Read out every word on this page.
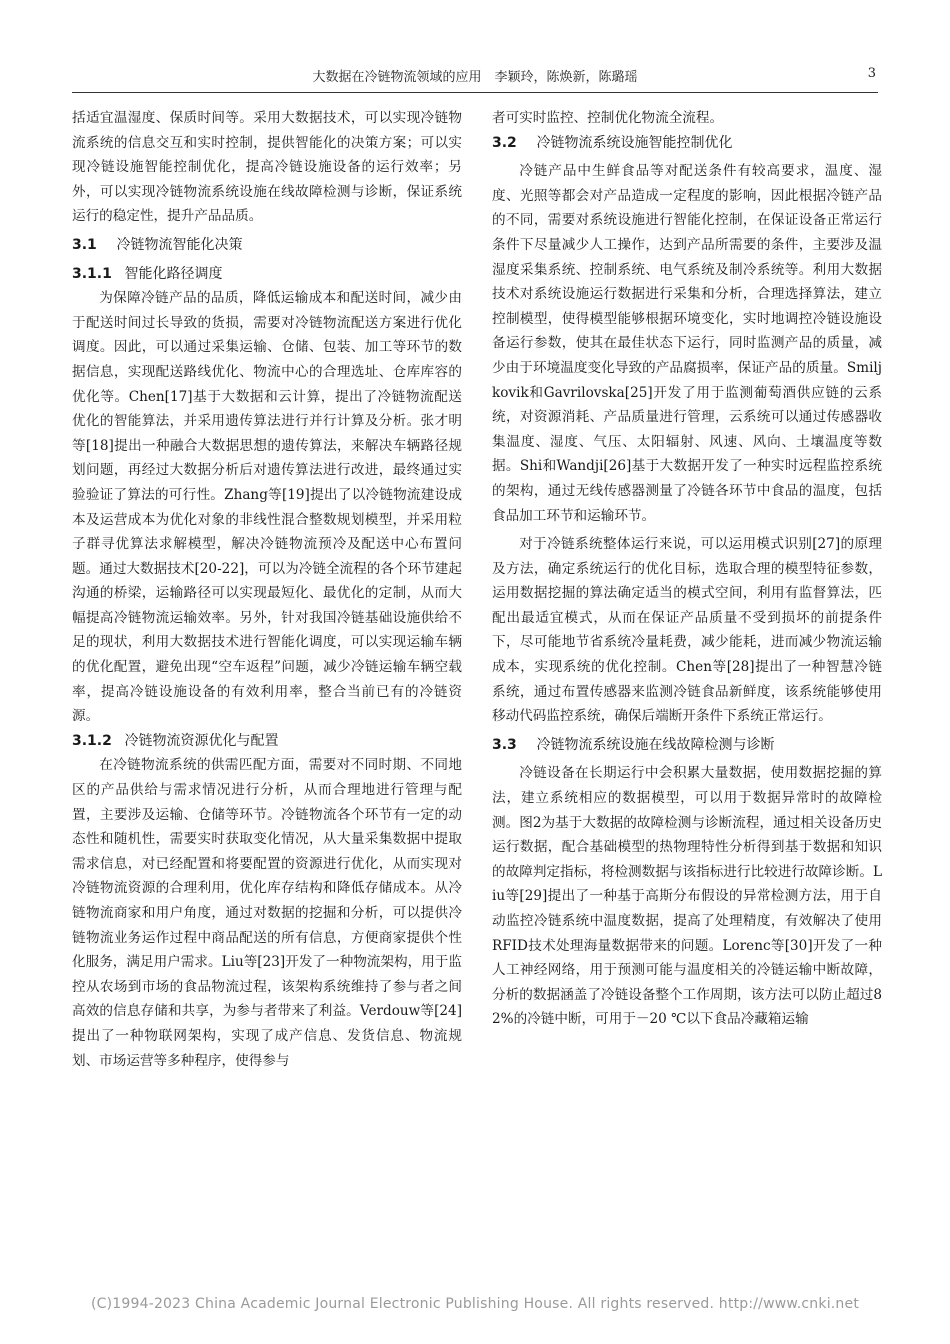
大数据在冷链物流领域的应用　李颖玲，陈焕新，陈璐瑶	3

括适宜温湿度、保质时间等。采用大数据技术，可以实现冷链物流系统的信息交互和实时控制，提供智能化的决策方案；可以实现冷链设施智能控制优化，提高冷链设施设备的运行效率；另外，可以实现冷链物流系统设施在线故障检测与诊断，保证系统运行的稳定性，提升产品品质。

3.1 冷链物流智能化决策
3.1.1 智能化路径调度

为保障冷链产品的品质，降低运输成本和配送时间，减少由于配送时间过长导致的货损，需要对冷链物流配送方案进行优化调度。因此，可以通过采集运输、仓储、包装、加工等环节的数据信息，实现配送路线优化、物流中心的合理选址、仓库库容的优化等。Chen[17]基于大数据和云计算，提出了冷链物流配送优化的智能算法，并采用遗传算法进行并行计算及分析。张才明等[18]提出一种融合大数据思想的遗传算法，来解决车辆路径规划问题，再经过大数据分析后对遗传算法进行改进，最终通过实验验证了算法的可行性。Zhang等[19]提出了以冷链物流建设成本及运营成本为优化对象的非线性混合整数规划模型，并采用粒子群寻优算法求解模型，解决冷链物流预冷及配送中心布置问题。通过大数据技术[20-22]，可以为冷链全流程的各个环节建起沟通的桥梁，运输路径可以实现最短化、最优化的定制，从而大幅提高冷链物流运输效率。另外，针对我国冷链基础设施供给不足的现状，利用大数据技术进行智能化调度，可以实现运输车辆的优化配置，避免出现“空车返程”问题，减少冷链运输车辆空载率，提高冷链设施设备的有效利用率，整合当前已有的冷链资源。

3.1.2 冷链物流资源优化与配置

在冷链物流系统的供需匹配方面，需要对不同时期、不同地区的产品供给与需求情况进行分析，从而合理地进行管理与配置，主要涉及运输、仓储等环节。冷链物流各个环节有一定的动态性和随机性，需要实时获取变化情况，从大量采集数据中提取需求信息，对已经配置和将要配置的资源进行优化，从而实现对冷链物流资源的合理利用，优化库存结构和降低存储成本。从冷链物流商家和用户角度，通过对数据的挖掘和分析，可以提供冷链物流业务运作过程中商品配送的所有信息，方便商家提供个性化服务，满足用户需求。Liu等[23]开发了一种物流架构，用于监控从农场到市场的食品物流过程，该架构系统维持了参与者之间高效的信息存储和共享，为参与者带来了利益。Verdouw等[24]提出了一种物联网架构，实现了成产信息、发货信息、物流规划、市场运营等多种程序，使得参与

者可实时监控、控制优化物流全流程。

3.2 冷链物流系统设施智能控制优化

冷链产品中生鲜食品等对配送条件有较高要求，温度、湿度、光照等都会对产品造成一定程度的影响，因此根据冷链产品的不同，需要对系统设施进行智能化控制，在保证设备正常运行条件下尽量减少人工操作，达到产品所需要的条件，主要涉及温湿度采集系统、控制系统、电气系统及制冷系统等。利用大数据技术对系统设施运行数据进行采集和分析，合理选择算法，建立控制模型，使得模型能够根据环境变化，实时地调控冷链设施设备运行参数，使其在最佳状态下运行，同时监测产品的质量，减少由于环境温度变化导致的产品腐损率，保证产品的质量。Smiljkovik和Gavrilovska[25]开发了用于监测葡萄酒供应链的云系统，对资源消耗、产品质量进行管理，云系统可以通过传感器收集温度、湿度、气压、太阳辐射、风速、风向、土壤温度等数据。Shi和Wandji[26]基于大数据开发了一种实时远程监控系统的架构，通过无线传感器测量了冷链各环节中食品的温度，包括食品加工环节和运输环节。

对于冷链系统整体运行来说，可以运用模式识别[27]的原理及方法，确定系统运行的优化目标，选取合理的模型特征参数，运用数据挖掘的算法确定适当的模式空间，利用有监督算法，匹配出最适宜模式，从而在保证产品质量不受到损坏的前提条件下，尽可能地节省系统冷量耗费，减少能耗，进而减少物流运输成本，实现系统的优化控制。Chen等[28]提出了一种智慧冷链系统，通过布置传感器来监测冷链食品新鲜度，该系统能够使用移动代码监控系统，确保后端断开条件下系统正常运行。

3.3 冷链物流系统设施在线故障检测与诊断

冷链设备在长期运行中会积累大量数据，使用数据挖掘的算法，建立系统相应的数据模型，可以用于数据异常时的故障检测。图2为基于大数据的故障检测与诊断流程，通过相关设备历史运行数据，配合基础模型的热物理特性分析得到基于数据和知识的故障判定指标，将检测数据与该指标进行比较进行故障诊断。Liu等[29]提出了一种基于高斯分布假设的异常检测方法，用于自动监控冷链系统中温度数据，提高了处理精度，有效解决了使用RFID技术处理海量数据带来的问题。Lorenc等[30]开发了一种人工神经网络，用于预测可能与温度相关的冷链运输中断故障，分析的数据涵盖了冷链设备整个工作周期，该方法可以防止超过82%的冷链中断，可用于－20 ℃以下食品冷藏箱运输

(C)1994-2023 China Academic Journal Electronic Publishing House. All rights reserved. http://www.cnki.net
